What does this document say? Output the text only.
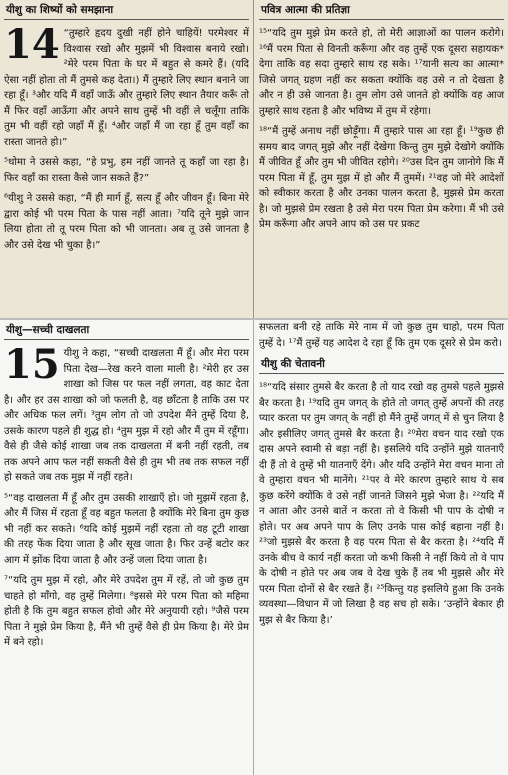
यीशु का शिष्यों को समझाना
14 “तुम्हारे हृदय दुखी नहीं होने चाहियें! परमेश्वर में विश्वास रखो और मुझमें भी विश्वास बनाये रखो। ²मेरे परम पिता के घर में बहुत से कमरे हैं। (यदि ऐसा नहीं होता तो मैं तुमसे कह देता।) मैं तुम्हारे लिए स्थान बनाने जा रहा हूँ। ³और यदि मैं वहाँ जाऊँ और तुम्हारे लिए स्थान तैयार करूँ तो मैं फिर वहाँ आऊँगा और अपने साथ तुम्हें भी वहीं ले चलूँगा ताकि तुम भी वहीं रहो जहाँ मैं हूँ। ⁴और जहाँ मैं जा रहा हूँ तुम वहाँ का रास्ता जानते हो।”
⁵थोमा ने उससे कहा, “हे प्रभु, हम नहीं जानते तू कहाँ जा रहा है। फिर वहाँ का रास्ता कैसे जान सकते हैं?”
⁶यीशु ने उससे कहा, “मैं ही मार्ग हूँ, सत्य हूँ और जीवन हूँ। बिना मेरे द्वारा कोई भी परम पिता के पास नहीं आता। ⁷यदि तूने मुझे जान लिया होता तो तू परम पिता को भी जानता। अब तू उसे जानता है और उसे देख भी चुका है।”
पवित्र आत्मा की प्रतिज्ञा
¹⁵“यदि तुम मुझे प्रेम करते हो, तो मेरी आज्ञाओं का पालन करोगे। ¹⁶मैं परम पिता से विनती करूँगा और वह तुम्हें एक दूसरा सहायक* देगा ताकि वह सदा तुम्हारे साथ रह सके। ¹⁷यानी सत्य का आत्मा* जिसे जगत् ग्रहण नहीं कर सकता क्योंकि वह उसे न तो देखता है और न ही उसे जानता है। तुम लोग उसे जानते हो क्योंकि वह आज तुम्हारे साथ रहता है और भविष्य में तुम में रहेगा।
¹⁸“मैं तुम्हें अनाथ नहीं छोड़ूँगा। मैं तुम्हारे पास आ रहा हूँ। ¹⁹कुछ ही समय बाद जगत् मुझे और नहीं देखेगा किन्तु तुम मुझे देखोगे क्योंकि मैं जीवित हूँ और तुम भी जीवित रहोगे। ²⁰उस दिन तुम जानोगे कि मैं परम पिता में हूँ, तुम मुझ में हो और मैं तुममें। ²¹वह जो मेरे आदेशों को स्वीकार करता है और उनका पालन करता है, मुझसे प्रेम करता है। जो मुझसे प्रेम रखता है उसे मेरा परम पिता प्रेम करेगा। मैं भी उसे प्रेम करूँगा और अपने आप को उस पर प्रकट
यीशु—सच्ची दाखलता
15 यीशु ने कहा, “सच्ची दाखलता मैं हूँ। और मेरा परम पिता देख—रेख करने वाला माली है। ²मेरी हर उस शाखा को जिस पर फल नहीं लगता, वह काट देता है। और हर उस शाखा को जो फलती है, वह छाँटता है ताकि उस पर और अधिक फल लगें। ³तुम लोग तो जो उपदेश मैंने तुम्हें दिया है, उसके कारण पहले ही शुद्ध हो। ⁴तुम मुझ में रहो और मैं तुम में रहूँगा। वैसे ही जैसे कोई शाखा जब तक दाखलता में बनी नहीं रहती, तब तक अपने आप फल नहीं सकती वैसे ही तुम भी तब तक सफल नहीं हो सकते जब तक मुझ में नहीं रहते।
⁵“वह दाखलता मैं हूँ और तुम उसकी शाखाएँ हो। जो मुझमें रहता है, और मैं जिस में रहता हूँ वह बहुत फलता है क्योंकि मेरे बिना तुम कुछ भी नहीं कर सकते। ⁶यदि कोई मुझमें नहीं रहता तो वह टूटी शाखा की तरह फेंक दिया जाता है और सूख जाता है। फिर उन्हें बटोर कर आग में झोंक दिया जाता है और उन्हें जला दिया जाता है।
⁷“यदि तुम मुझ में रहो, और मेरे उपदेश तुम में रहें, तो जो कुछ तुम चाहते हो माँगो, वह तुम्हें मिलेगा। ⁸इससे मेरे परम पिता को महिमा होती है कि तुम बहुत सफल होवो और मेरे अनुयायी रहो। ⁹जैसे परम पिता ने मुझे प्रेम किया है, मैंने भी तुम्हें वैसे ही प्रेम किया है। मेरे प्रेम में बने रहो।
सफलता बनी रहे ताकि मेरे नाम में जो कुछ तुम चाहो, परम पिता तुम्हें दे। ¹⁷मैं तुम्हें यह आदेश दे रहा हूँ कि तुम एक दूसरे से प्रेम करो।
यीशु की चेतावनी
¹⁸“यदि संसार तुमसे बैर करता है तो याद रखो वह तुमसे पहले मुझसे बैर करता है। ¹⁹यदि तुम जगत् के होते तो जगत् तुम्हें अपनों की तरह प्यार करता पर तुम जगत् के नहीं हो मैंने तुम्हें जगत् में से चुन लिया है और इसीलिए जगत् तुमसे बैर करता है। ²⁰मेरा वचन याद रखो एक दास अपने स्वामी से बड़ा नहीं है। इसलिये यदि उन्होंने मुझे यातनाएँ दी हैं तो वे तुम्हें भी यातनाएँ देंगे। और यदि उन्होंने मेरा वचन माना तो वे तुम्हारा वचन भी मानेंगे। ²¹पर वे मेरे कारण तुम्हारे साथ ये सब कुछ करेंगे क्योंकि वे उसे नहीं जानते जिसने मुझे भेजा है। ²²यदि मैं न आता और उनसे बातें न करता तो वे किसी भी पाप के दोषी न होते। पर अब अपने पाप के लिए उनके पास कोई बहाना नहीं है। ²³जो मुझसे बैर करता है वह परम पिता से बैर करता है। ²⁴यदि मैं उनके बीच वे कार्य नहीं करता जो कभी किसी ने नहीं किये तो वे पाप के दोषी न होते पर अब जब वे देख चुके हैं तब भी मुझसे और मेरे परम पिता दोनों से बैर रखते हैं। ²⁵किन्तु यह इसलिये हुआ कि उनके व्यवस्था—विधान में जो लिखा है वह सच हो सके। ‘उन्होंने बेकार ही मुझ से बैर किया है।’
